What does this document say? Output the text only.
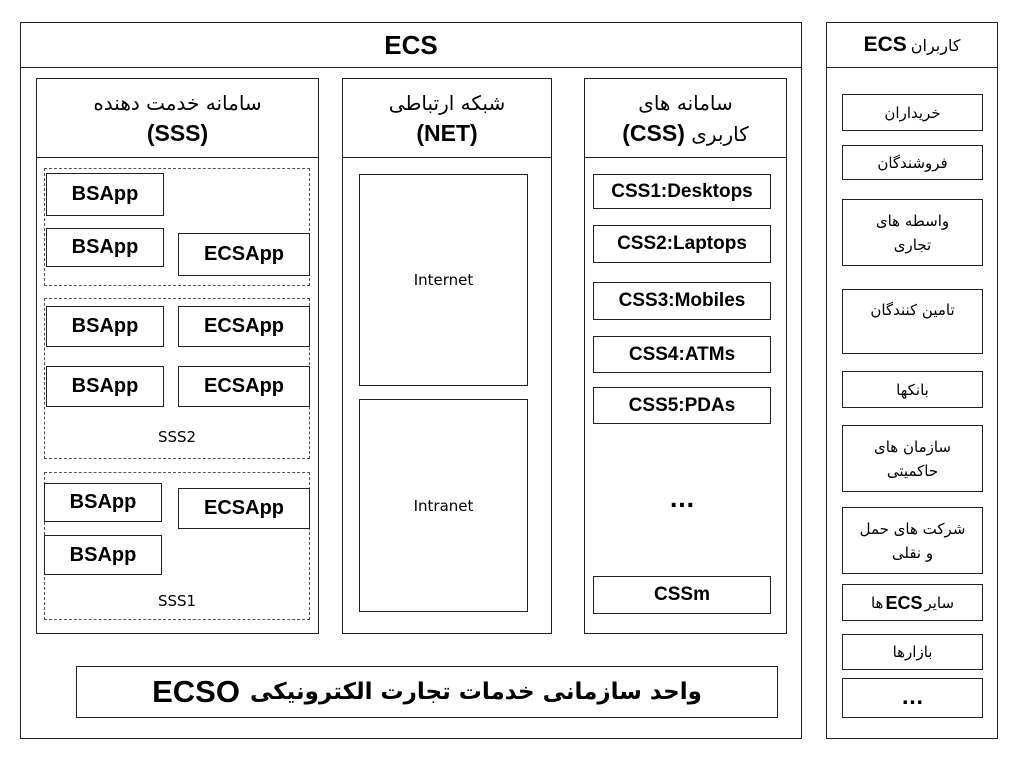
ECS
سامانه خدمت دهنده
(SSS)
BSApp
BSApp	ECSApp
BSApp	ECSApp
BSApp	ECSApp
SSS2
BSApp	ECSApp
BSApp
SSS1
شبکه ارتباطی
(NET)
Internet
Intranet
سامانه های
کاربری (CSS)
CSS1:Desktops
CSS2:Laptops
CSS3:Mobiles
CSS4:ATMs
CSS5:PDAs
...
CSSm
واحد سازمانی خدمات تجارت الکترونیکی
ECSO
کاربران
ECS
خریداران
فروشندگان
واسطه های
تجاری
تامین کنندگان
بانکها
سازمان های
حاکمیتی
شرکت های حمل
و نقلی
سایر
ECS
ها
بازارها
...
